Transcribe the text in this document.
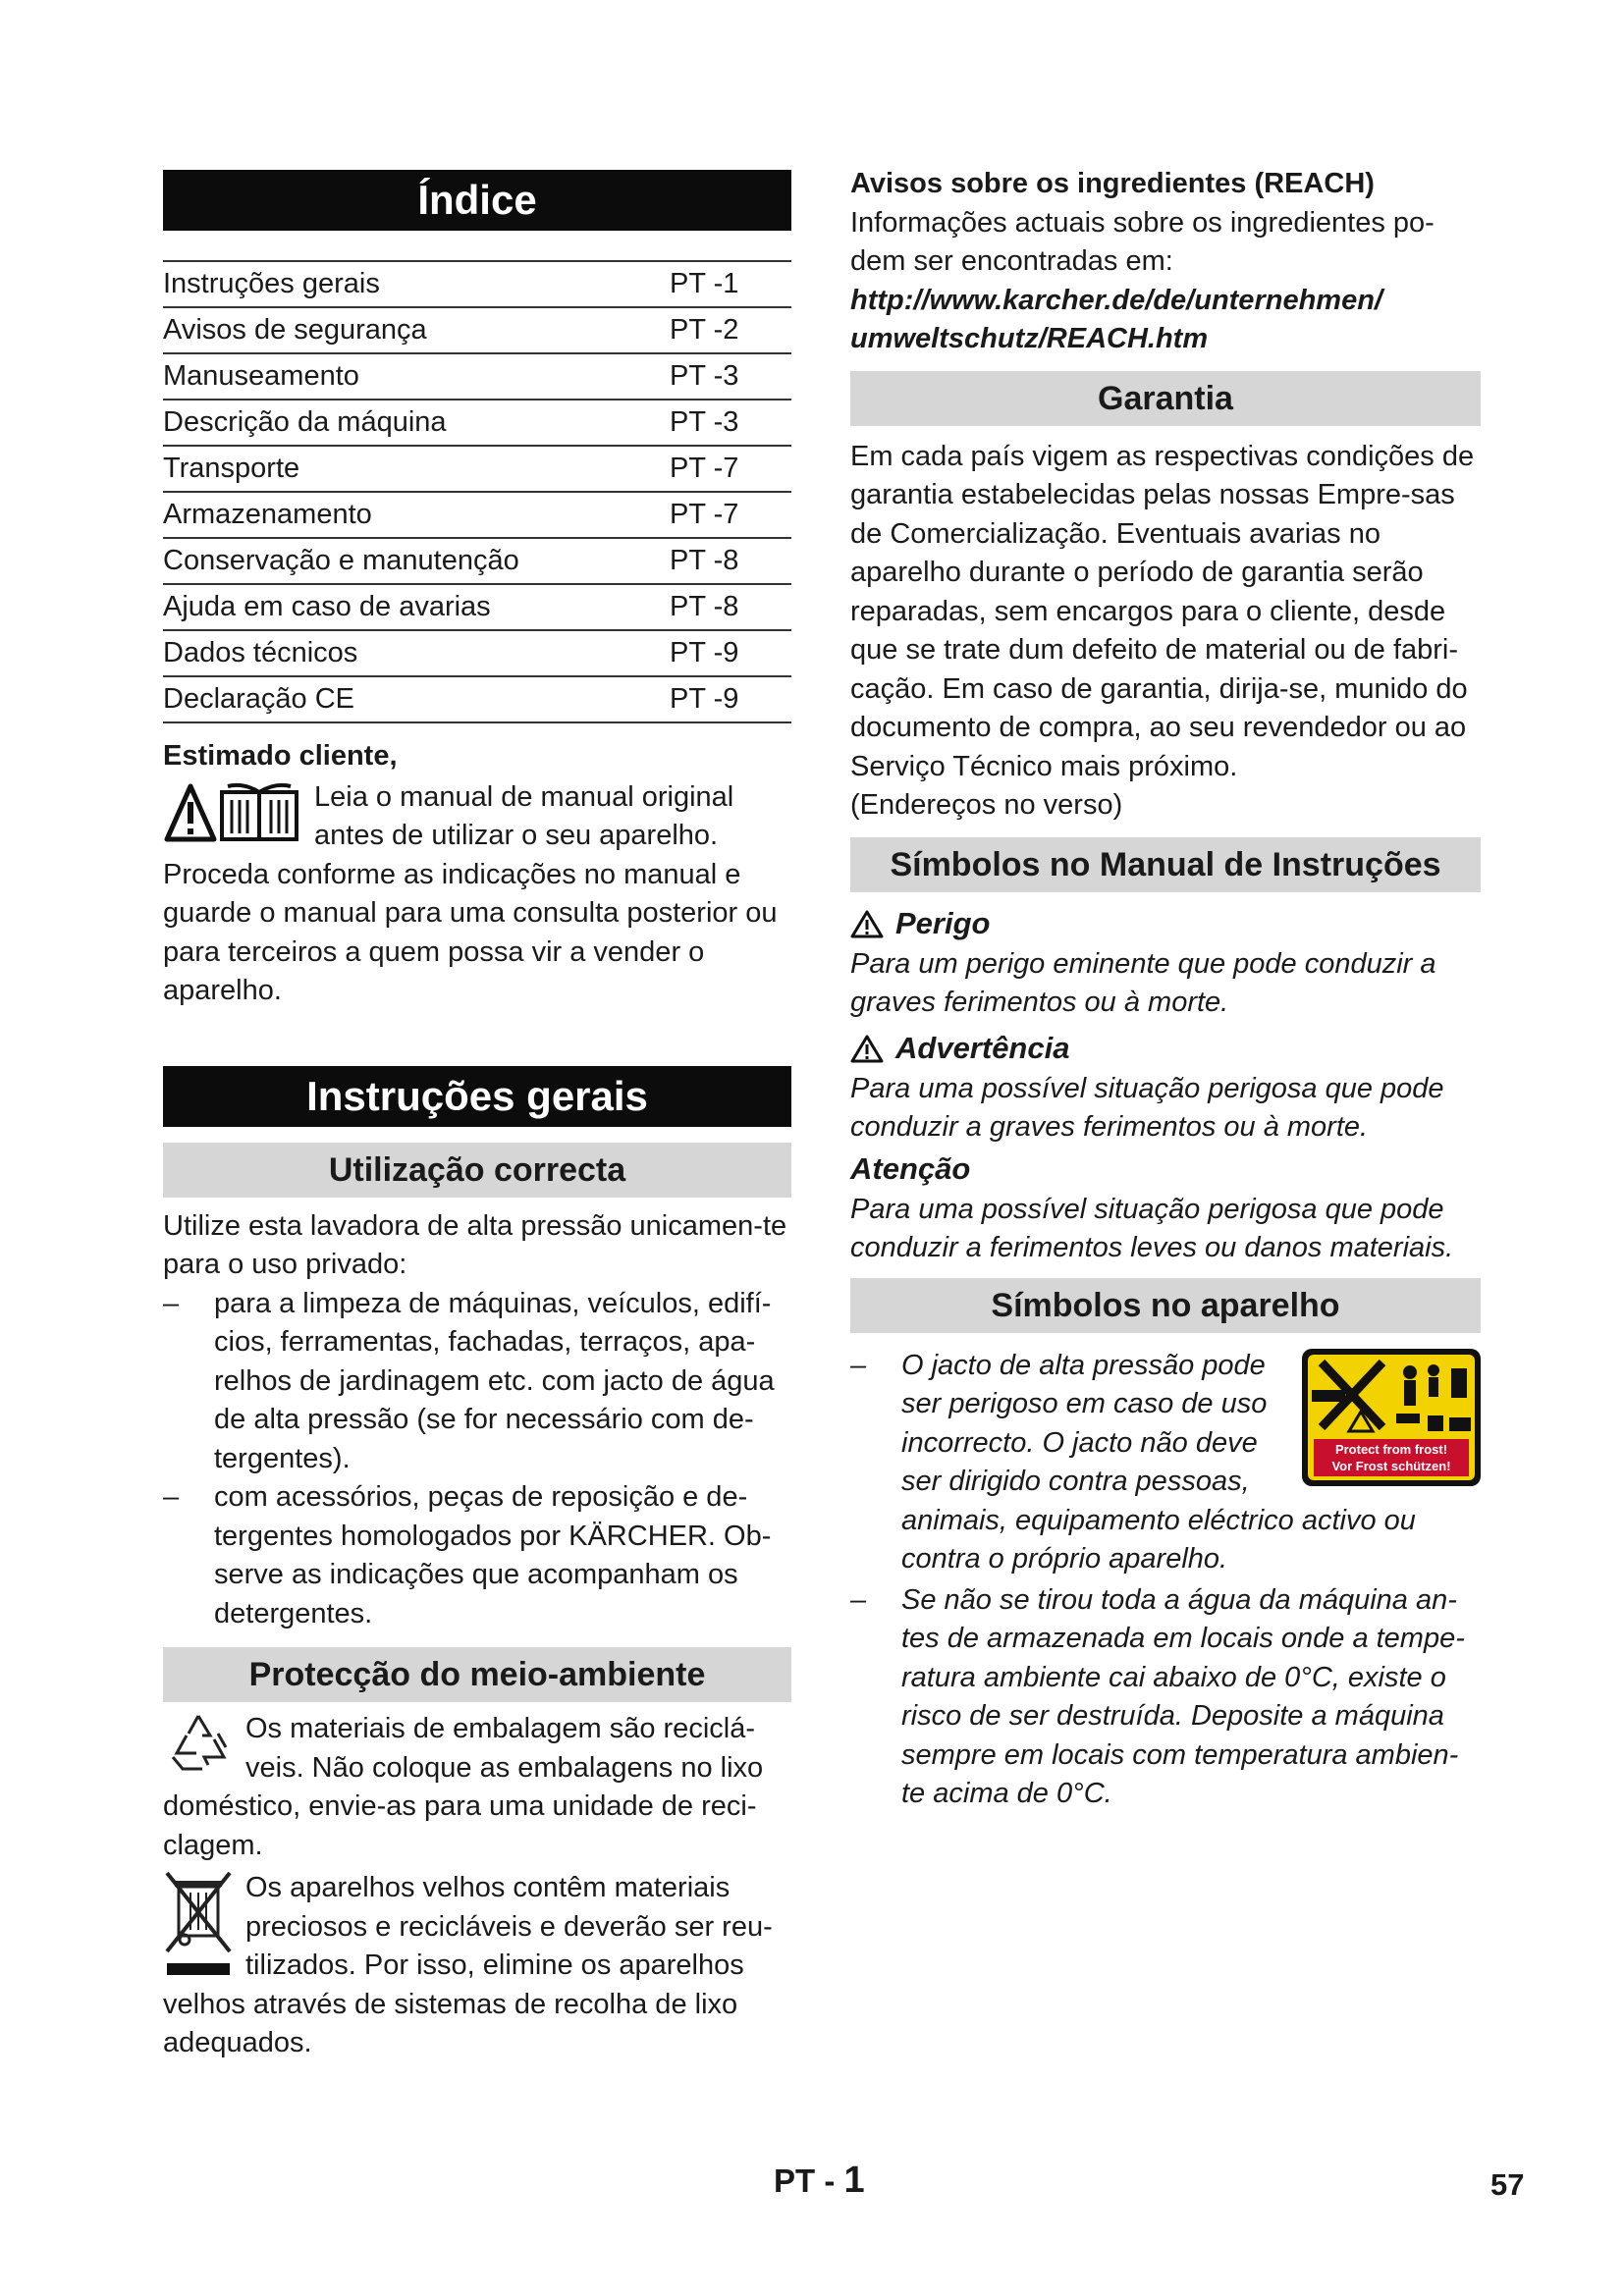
Índice
Instruções gerais	PT -1
Avisos de segurança	PT -2
Manuseamento	PT -3
Descrição da máquina	PT -3
Transporte	PT -7
Armazenamento	PT -7
Conservação e manutenção	PT -8
Ajuda em caso de avarias	PT -8
Dados técnicos	PT -9
Declaração CE	PT -9

Estimado cliente,

Leia o manual de manual original antes de utilizar o seu aparelho.

Proceda conforme as indicações no manual e guarde o manual para uma consulta posterior ou para terceiros a quem possa vir a vender o aparelho.

Instruções gerais
Utilização correcta

Utilize esta lavadora de alta pressão unicamen-te para o uso privado:

– para a limpeza de máquinas, veículos, edifí-cios, ferramentas, fachadas, terraços, apa-relhos de jardinagem etc. com jacto de água de alta pressão (se for necessário com de-tergentes).

– com acessórios, peças de reposição e de-tergentes homologados por KÄRCHER. Ob-serve as indicações que acompanham os detergentes.

Protecção do meio-ambiente

Os materiais de embalagem são reciclá-veis. Não coloque as embalagens no lixo doméstico, envie-as para uma unidade de reci-clagem.

Os aparelhos velhos contêm materiais preciosos e recicláveis e deverão ser reu-tilizados. Por isso, elimine os aparelhos velhos através de sistemas de recolha de lixo adequados.

Avisos sobre os ingredientes (REACH)

Informações actuais sobre os ingredientes po-dem ser encontradas em:

http://www.karcher.de/de/unternehmen/
umweltschutz/REACH.htm

Garantia

Em cada país vigem as respectivas condições de garantia estabelecidas pelas nossas Empre-sas de Comercialização. Eventuais avarias no aparelho durante o período de garantia serão reparadas, sem encargos para o cliente, desde que se trate dum defeito de material ou de fabri-cação. Em caso de garantia, dirija-se, munido do documento de compra, ao seu revendedor ou ao Serviço Técnico mais próximo.

(Endereços no verso)

Símbolos no Manual de Instruções
Perigo

Para um perigo eminente que pode conduzir a graves ferimentos ou à morte.

Advertência

Para uma possível situação perigosa que pode conduzir a graves ferimentos ou à morte.

Atenção

Para uma possível situação perigosa que pode conduzir a ferimentos leves ou danos materiais.

Símbolos no aparelho
Protect from frost!
Vor Frost schützen!

– O jacto de alta pressão pode ser perigoso em caso de uso incorrecto. O jacto não deve ser dirigido contra pessoas, animais, equipamento eléctrico activo ou contra o próprio aparelho.

– Se não se tirou toda a água da máquina an-tes de armazenada em locais onde a tempe-ratura ambiente cai abaixo de 0°C, existe o risco de ser destruída. Deposite a máquina sempre em locais com temperatura ambien-te acima de 0°C.

PT - 1	57
